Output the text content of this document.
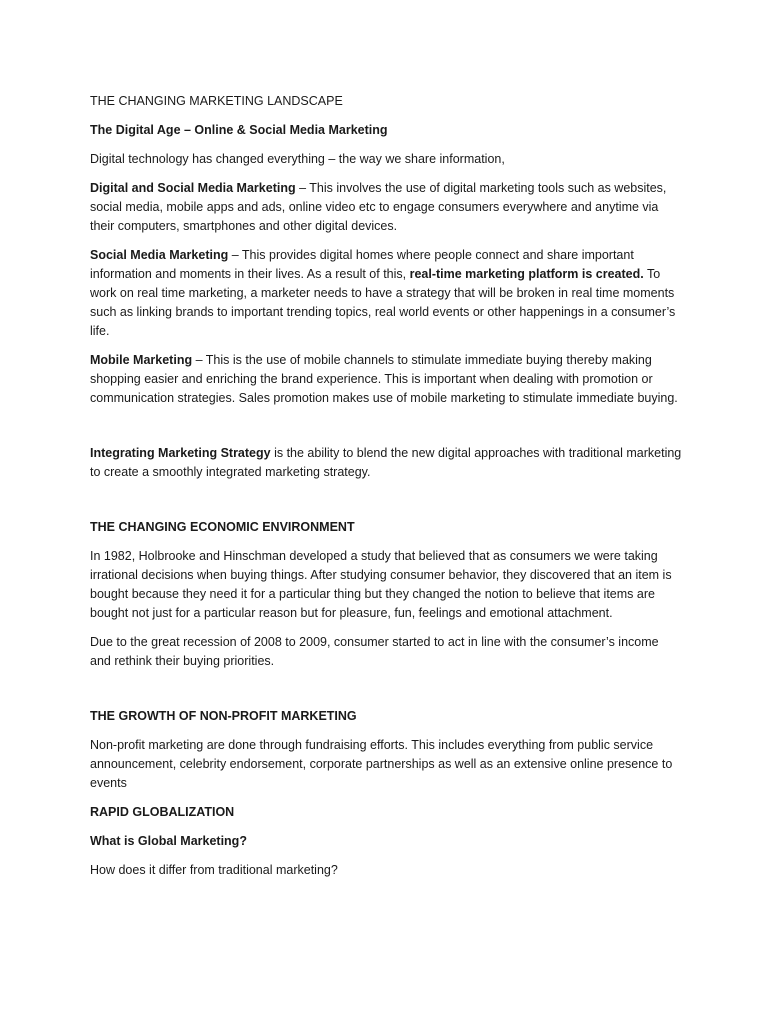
THE CHANGING MARKETING LANDSCAPE

The Digital Age – Online & Social Media Marketing

Digital technology has changed everything – the way we share information,

Digital and Social Media Marketing – This involves the use of digital marketing tools such as websites, social media, mobile apps and ads, online video etc to engage consumers everywhere and anytime via their computers, smartphones and other digital devices.

Social Media Marketing – This provides digital homes where people connect and share important information and moments in their lives. As a result of this, real-time marketing platform is created. To work on real time marketing, a marketer needs to have a strategy that will be broken in real time moments such as linking brands to important trending topics, real world events or other happenings in a consumer’s life.

Mobile Marketing – This is the use of mobile channels to stimulate immediate buying thereby making shopping easier and enriching the brand experience. This is important when dealing with promotion or communication strategies. Sales promotion makes use of mobile marketing to stimulate immediate buying.

Integrating Marketing Strategy is the ability to blend the new digital approaches with traditional marketing to create a smoothly integrated marketing strategy.

THE CHANGING ECONOMIC ENVIRONMENT

In 1982, Holbrooke and Hinschman developed a study that believed that as consumers we were taking irrational decisions when buying things. After studying consumer behavior, they discovered that an item is bought because they need it for a particular thing but they changed the notion to believe that items are bought not just for a particular reason but for pleasure, fun, feelings and emotional attachment.

Due to the great recession of 2008 to 2009, consumer started to act in line with the consumer’s income and rethink their buying priorities.

THE GROWTH OF NON-PROFIT MARKETING

Non-profit marketing are done through fundraising efforts. This includes everything from public service announcement, celebrity endorsement, corporate partnerships as well as an extensive online presence to events

RAPID GLOBALIZATION

What is Global Marketing?

How does it differ from traditional marketing?
